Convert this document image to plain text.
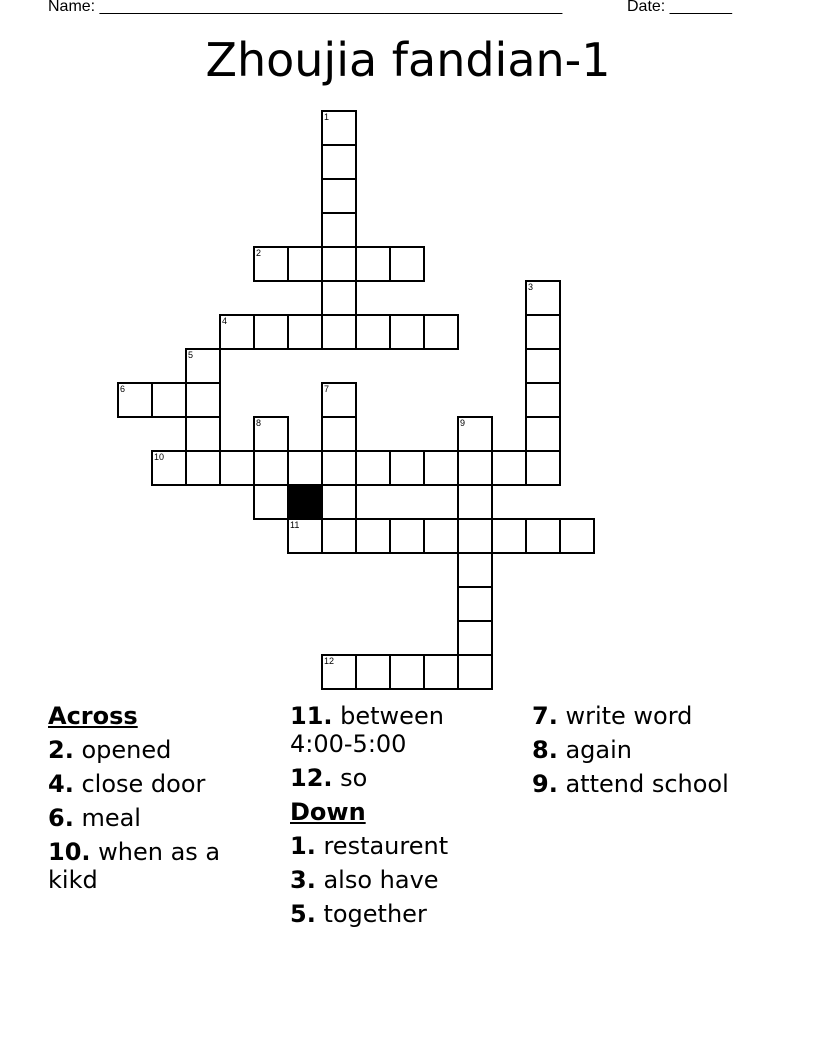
Name: ____________________________________________________	Date: _______
Zhoujia fandian-1
1
2
3
4
5
6	7
8	9
10
11
12
Across
2. opened
4. close door
6. meal
10. when as a kikd
11. between 4:00-5:00
12. so
Down
1. restaurent
3. also have
5. together
7. write word
8. again
9. attend school
